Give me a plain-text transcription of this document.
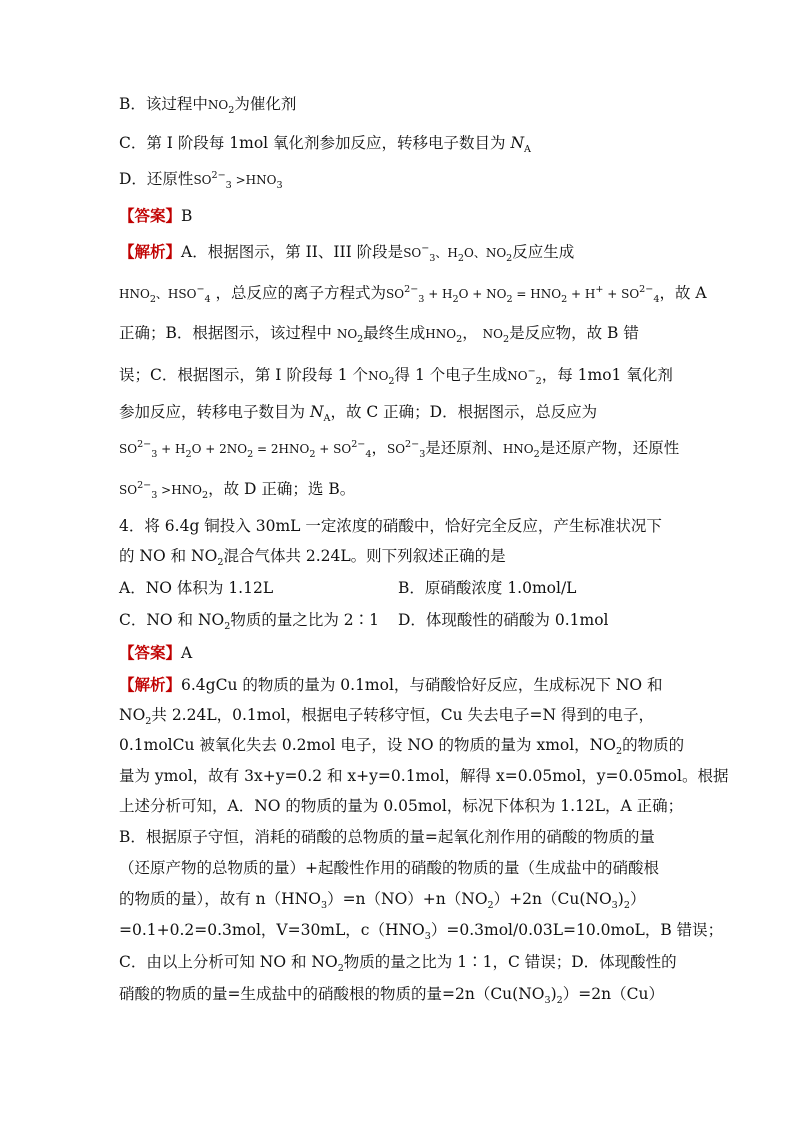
B．该过程中$NO_2$为催化剂
C．第 I 阶段每 1mol 氧化剂参加反应，转移电子数目为 $N_A$
D．还原性$SO^{2-}_3 >HNO_3$
【答案】B
【解析】A．根据图示，第 II、III 阶段是$SO^-_3$、$H_2O$、$NO_2$反应生成
$HNO_2$、$HSO^-_4$ ，总反应的离子方程式为$SO^{2-}_3 + H_2O + NO_2 = HNO_2 + H^+ + SO^{2-}_4$，故 A
正确；B．根据图示，该过程中 $NO_2$最终生成$HNO_2$， $NO_2$是反应物，故 B 错
误；C．根据图示，第 I 阶段每 1 个$NO_2$得 1 个电子生成$NO^-_2$，每 1mo1 氧化剂
参加反应，转移电子数目为 $N_A$，故 C 正确；D．根据图示，总反应为
$SO^{2-}_3 + H_2O + 2NO_2 = 2HNO_2 + SO^{2-}_4$，$SO^{2-}_3$是还原剂、$HNO_2$是还原产物，还原性
$SO^{2-}_3 >HNO_2$，故 D 正确；选 B。
4．将 6.4g 铜投入 30mL 一定浓度的硝酸中，恰好完全反应，产生标准状况下
的 NO 和 $NO_2$混合气体共 2.24L。则下列叙述正确的是
A．NO 体积为 1.12L	B．原硝酸浓度 1.0mol/L
C．NO 和 $NO_2$物质的量之比为 2∶1 D．体现酸性的硝酸为 0.1mol
【答案】A
【解析】6.4gCu 的物质的量为 0.1mol，与硝酸恰好反应，生成标况下 NO 和
$NO_2$共 2.24L，0.1mol，根据电子转移守恒，Cu 失去电子=N 得到的电子，
0.1molCu 被氧化失去 0.2mol 电子，设 NO 的物质的量为 xmol，$NO_2$的物质的
量为 ymol，故有 3x+y=0.2 和 x+y=0.1mol，解得 x=0.05mol，y=0.05mol。根据
上述分析可知，A．NO 的物质的量为 0.05mol，标况下体积为 1.12L，A 正确；
B．根据原子守恒，消耗的硝酸的总物质的量=起氧化剂作用的硝酸的物质的量
（还原产物的总物质的量）+起酸性作用的硝酸的物质的量（生成盐中的硝酸根
的物质的量），故有 $n(HNO_3)=n(NO)+n(NO_2)+2n(Cu(NO_3)_2)$
=0.1+0.2=0.3mol，V=30mL，$c(HNO_3)=0.3mol/0.03L=10.0moL$，B 错误；
C．由以上分析可知 NO 和 $NO_2$物质的量之比为 1∶1，C 错误；D．体现酸性的
硝酸的物质的量=生成盐中的硝酸根的物质的量$=2n(Cu(NO_3)_2)=2n(Cu)$
